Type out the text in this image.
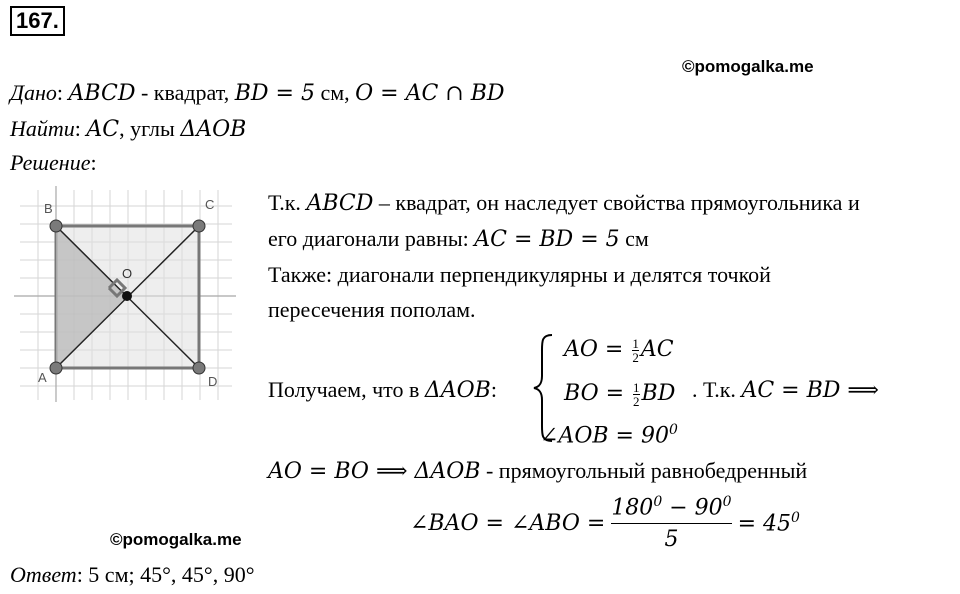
167.
©pomogalka.me
Дано: ABCD - квадрат, BD = 5 см, O = AC ∩ BD
Найти: AC, углы ΔAOB
Решение:
B	C
A	D
O
Т.к. ABCD – квадрат, он наследует свойства прямоугольника и
его диагонали равны: AC = BD = 5 см
Также: диагонали перпендикулярны и делятся точкой
пересечения пополам.
Получаем, что в ΔAOB:
AO = $\frac{1}{2}$ AC
BO = $\frac{1}{2}$ BD
∠AOB = $90^0$
. Т.к. AC = BD ⟹
AO = BO ⟹ ΔAOB - прямоугольный равнобедренный
∠BAO = ∠ABO =
$180^0 - 90^0$
5
= $45^0$
©pomogalka.me
Ответ: 5 см; 45°, 45°, 90°
